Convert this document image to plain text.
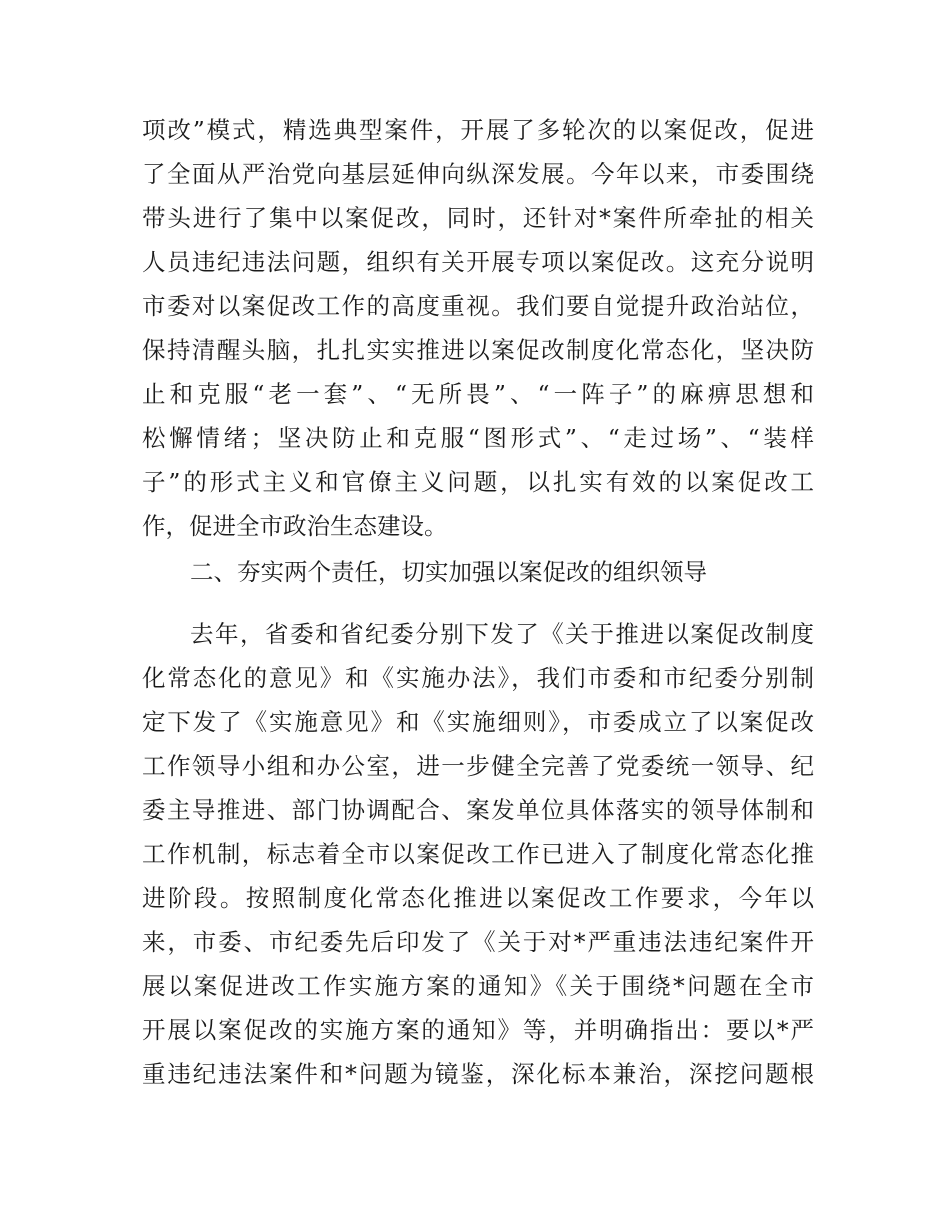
项改”模式，精选典型案件，开展了多轮次的以案促改，促进
了全面从严治党向基层延伸向纵深发展。今年以来，市委围绕
带头进行了集中以案促改，同时，还针对*案件所牵扯的相关
人员违纪违法问题，组织有关开展专项以案促改。这充分说明
市委对以案促改工作的高度重视。我们要自觉提升政治站位，
保持清醒头脑，扎扎实实推进以案促改制度化常态化，坚决防
止和克服“老一套”、“无所畏”、“一阵子”的麻痹思想和
松懈情绪；坚决防止和克服“图形式”、“走过场”、“装样
子”的形式主义和官僚主义问题，以扎实有效的以案促改工
作，促进全市政治生态建设。
二、夯实两个责任，切实加强以案促改的组织领导
去年，省委和省纪委分别下发了《关于推进以案促改制度
化常态化的意见》和《实施办法》，我们市委和市纪委分别制
定下发了《实施意见》和《实施细则》，市委成立了以案促改
工作领导小组和办公室，进一步健全完善了党委统一领导、纪
委主导推进、部门协调配合、案发单位具体落实的领导体制和
工作机制，标志着全市以案促改工作已进入了制度化常态化推
进阶段。按照制度化常态化推进以案促改工作要求，今年以
来，市委、市纪委先后印发了《关于对*严重违法违纪案件开
展以案促进改工作实施方案的通知》《关于围绕*问题在全市
开展以案促改的实施方案的通知》等，并明确指出：要以*严
重违纪违法案件和*问题为镜鉴，深化标本兼治，深挖问题根
